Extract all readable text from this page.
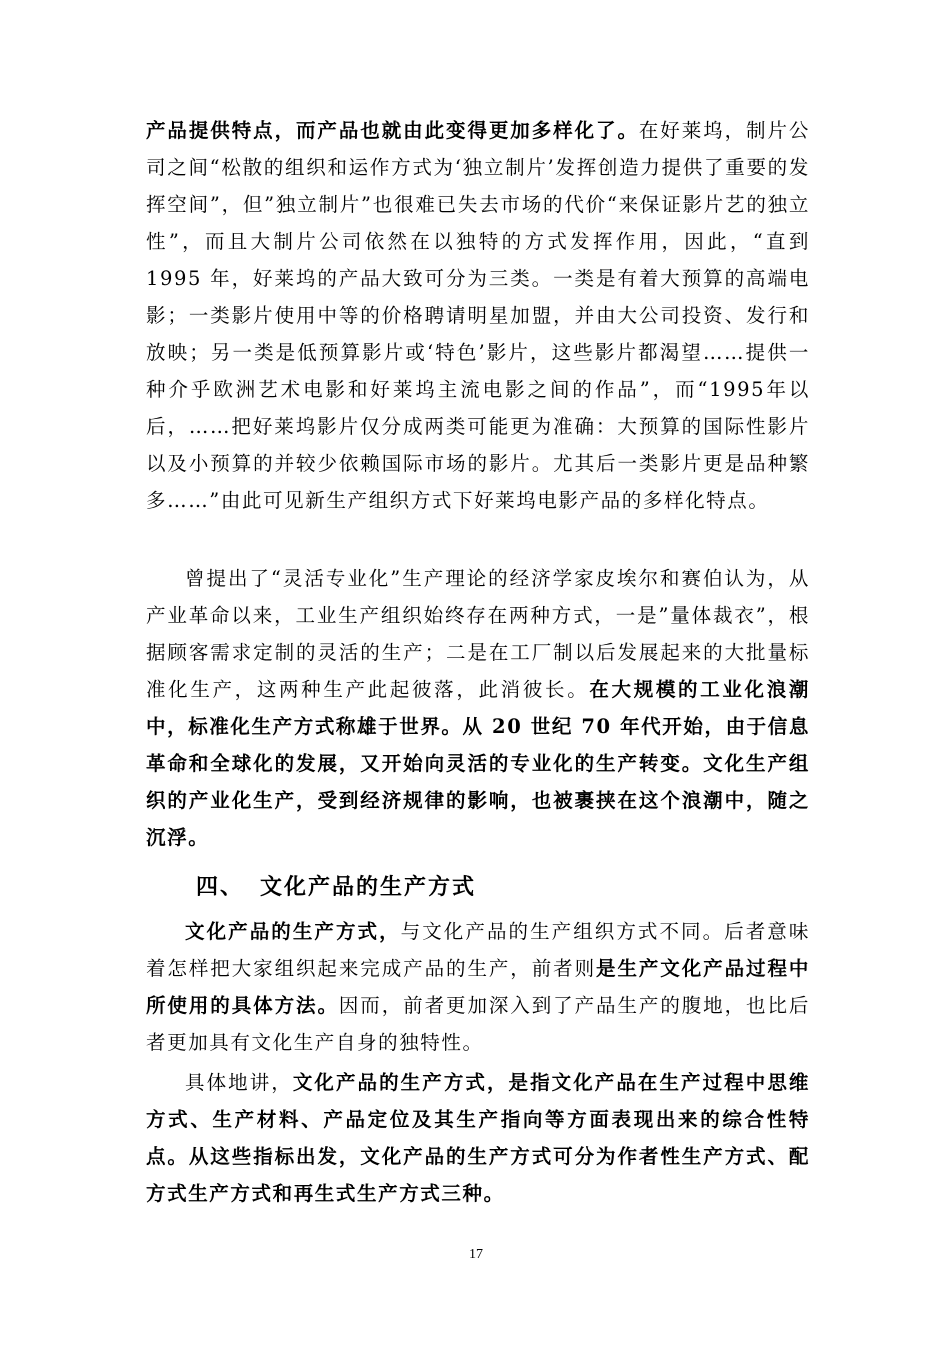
产品提供特点，而产品也就由此变得更加多样化了。在好莱坞，制片公司之间“松散的组织和运作方式为‘独立制片’发挥创造力提供了重要的发挥空间”，但”独立制片”也很难已失去市场的代价“来保证影片艺的独立性”，而且大制片公司依然在以独特的方式发挥作用，因此，“直到 1995 年，好莱坞的产品大致可分为三类。一类是有着大预算的高端电影；一类影片使用中等的价格聘请明星加盟，并由大公司投资、发行和放映；另一类是低预算影片或‘特色’影片，这些影片都渴望……提供一种介乎欧洲艺术电影和好莱坞主流电影之间的作品”，而“1995年以后，……把好莱坞影片仅分成两类可能更为准确：大预算的国际性影片以及小预算的并较少依赖国际市场的影片。尤其后一类影片更是品种繁多……”由此可见新生产组织方式下好莱坞电影产品的多样化特点。

曾提出了“灵活专业化”生产理论的经济学家皮埃尔和赛伯认为，从产业革命以来，工业生产组织始终存在两种方式，一是”量体裁衣”，根据顾客需求定制的灵活的生产；二是在工厂制以后发展起来的大批量标准化生产，这两种生产此起彼落，此消彼长。在大规模的工业化浪潮中，标准化生产方式称雄于世界。从 20 世纪 70 年代开始，由于信息革命和全球化的发展，又开始向灵活的专业化的生产转变。文化生产组织的产业化生产，受到经济规律的影响，也被裹挟在这个浪潮中，随之沉浮。

四、 文化产品的生产方式

文化产品的生产方式，与文化产品的生产组织方式不同。后者意味着怎样把大家组织起来完成产品的生产，前者则是生产文化产品过程中所使用的具体方法。因而，前者更加深入到了产品生产的腹地，也比后者更加具有文化生产自身的独特性。

具体地讲，文化产品的生产方式，是指文化产品在生产过程中思维方式、生产材料、产品定位及其生产指向等方面表现出来的综合性特点。从这些指标出发，文化产品的生产方式可分为作者性生产方式、配方式生产方式和再生式生产方式三种。

17
